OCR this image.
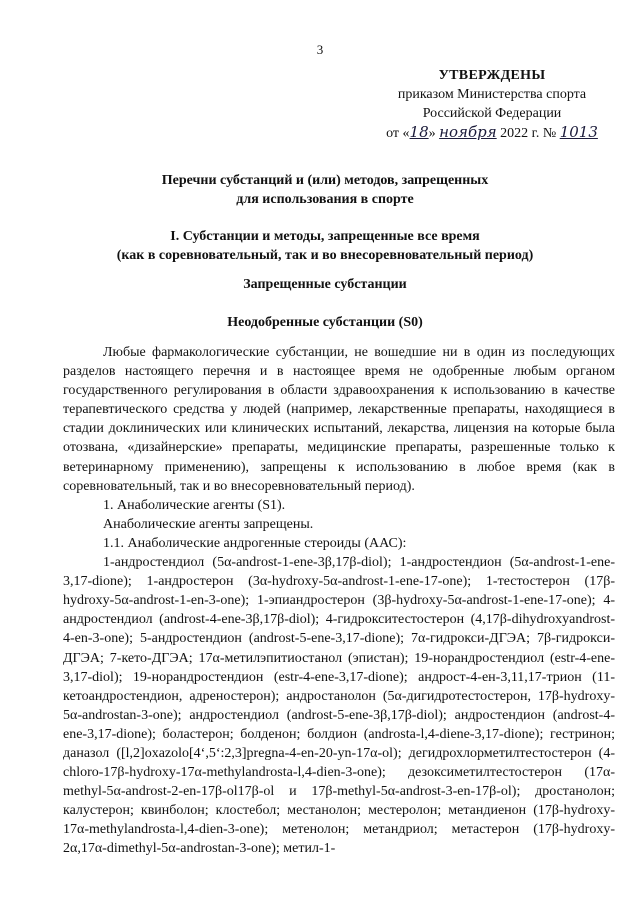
3
УТВЕРЖДЕНЫ
приказом Министерства спорта
Российской Федерации
от «18» ноября 2022 г. № 1013
Перечни субстанций и (или) методов, запрещенных
для использования в спорте
I. Субстанции и методы, запрещенные все время
(как в соревновательный, так и во внесоревновательный период)
Запрещенные субстанции
Неодобренные субстанции (S0)

Любые фармакологические субстанции, не вошедшие ни в один из последующих разделов настоящего перечня и в настоящее время не одобренные любым органом государственного регулирования в области здравоохранения к использованию в качестве терапевтического средства у людей (например, лекарственные препараты, находящиеся в стадии доклинических или клинических испытаний, лекарства, лицензия на которые была отозвана, «дизайнерские» препараты, медицинские препараты, разрешенные только к ветеринарному применению), запрещены к использованию в любое время (как в соревновательный, так и во внесоревновательный период).

1. Анаболические агенты (S1).

Анаболические агенты запрещены.

1.1. Анаболические андрогенные стероиды (ААС):

1-андростендиол (5α-androst-1-ene-3β,17β-diol); 1-андростендион (5α-androst-1-ene-3,17-dione); 1-андростерон (3α-hydroxy-5α-androst-1-ene-17-one); 1-тестостерон (17β-hydroxy-5α-androst-1-en-3-one); 1-эпиандростерон (3β-hydroxy-5α-androst-1-ene-17-one); 4-андростендиол (androst-4-ene-3β,17β-diol); 4-гидрокситестостерон (4,17β-dihydroxyandrost-4-en-3-one); 5-андростендион (androst-5-ene-3,17-dione); 7α-гидрокси-ДГЭА; 7β-гидрокси-ДГЭА; 7-кето-ДГЭА; 17α-метилэпитиостанол (эпистан); 19-норандростендиол (estr-4-ene-3,17-diol); 19-норандростендион (estr-4-ene-3,17-dione); андрост-4-ен-3,11,17-трион (11-кетоандростендион, адреностерон); андростанолон (5α-дигидротестостерон, 17β-hydroxy-5α-androstan-3-one); андростендиол (androst-5-ene-3β,17β-diol); андростендион (androst-4-ene-3,17-dione); боластерон; болденон; болдион (androsta-l,4-diene-3,17-dione); гестринон; даназол ([l,2]oxazolo[4‘,5‘:2,3]pregna-4-en-20-yn-17α-ol); дегидрохлорметилтестостерон (4-chloro-17β-hydroxy-17α-methylandrosta-l,4-dien-3-one); дезоксиметилтестостерон (17α-methyl-5α-androst-2-en-17β-ol17β-ol и 17β-methyl-5α-androst-3-en-17β-ol); дростанолон; калустерон; квинболон; клостебол; местанолон; местеролон; метандиенон (17β-hydroxy-17α-methylandrosta-l,4-dien-3-one); метенолон; метандриол; метастерон (17β-hydroxy-2α,17α-dimethyl-5α-androstan-3-one); метил-1-
